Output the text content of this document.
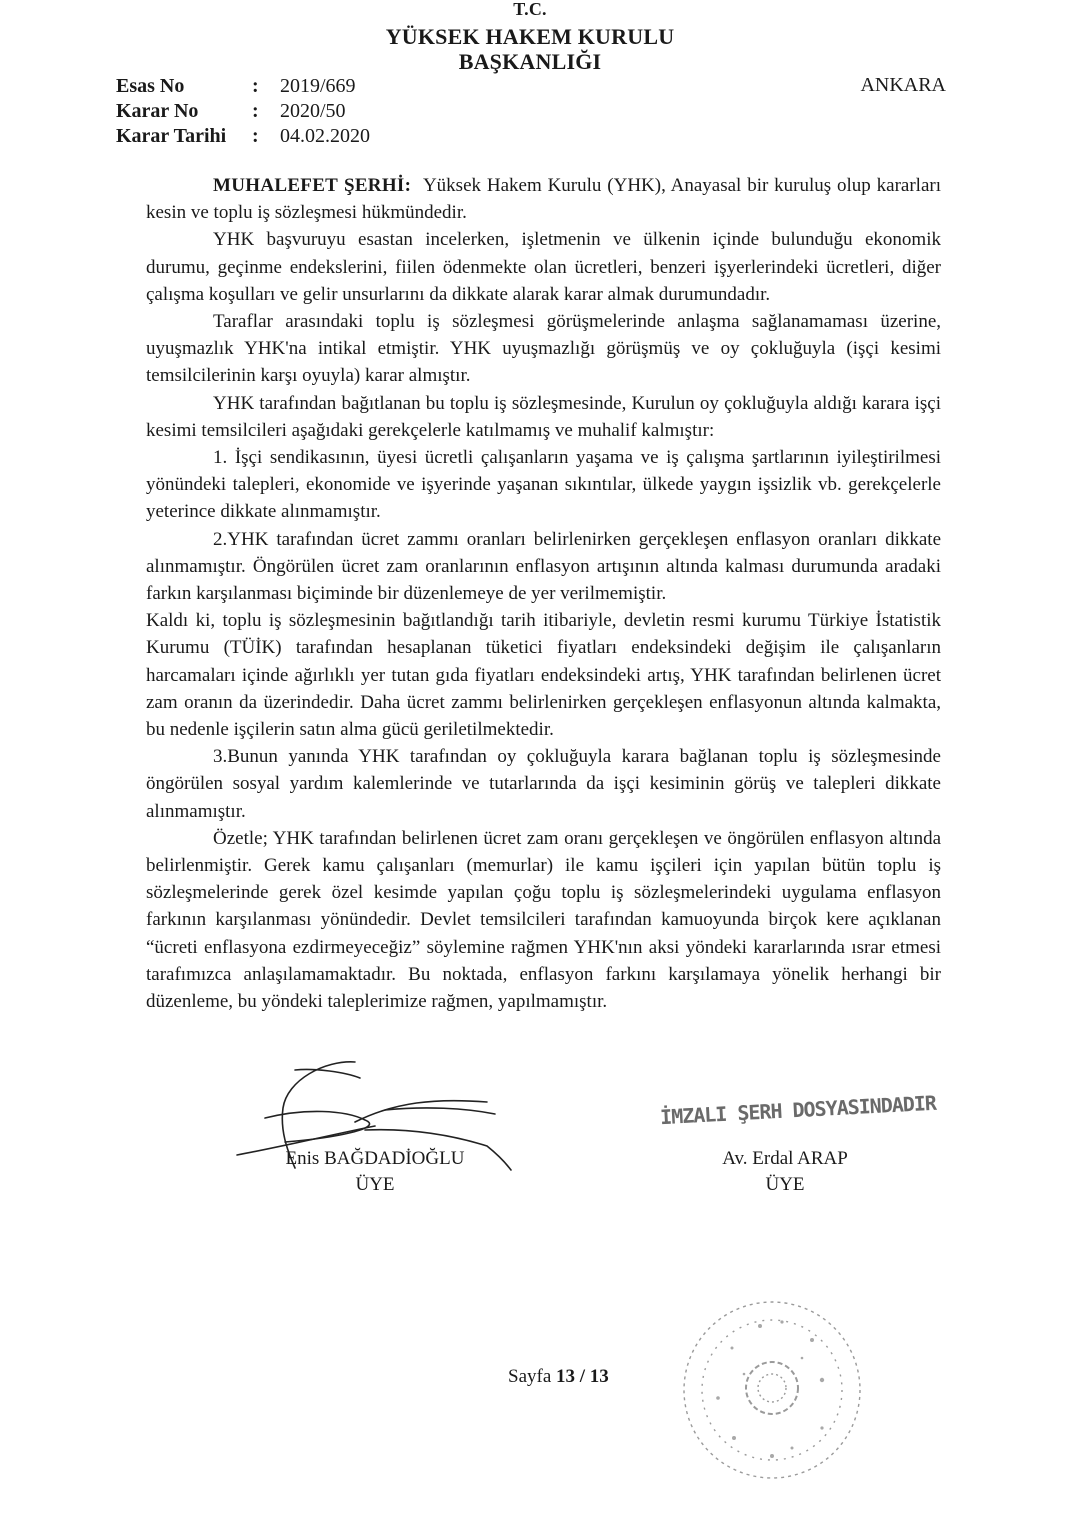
T.C.
YÜKSEK HAKEM KURULU
BAŞKANLIĞI
ANKARA
Esas No	:	2019/669
Karar No	:	2020/50
Karar Tarihi	:	04.02.2020

MUHALEFET ŞERHİ: Yüksek Hakem Kurulu (YHK), Anayasal bir kuruluş olup kararları kesin ve toplu iş sözleşmesi hükmündedir.

YHK başvuruyu esastan incelerken, işletmenin ve ülkenin içinde bulunduğu ekonomik durumu, geçinme endekslerini, fiilen ödenmekte olan ücretleri, benzeri işyerlerindeki ücretleri, diğer çalışma koşulları ve gelir unsurlarını da dikkate alarak karar almak durumundadır.

Taraflar arasındaki toplu iş sözleşmesi görüşmelerinde anlaşma sağlanamaması üzerine, uyuşmazlık YHK'na intikal etmiştir. YHK uyuşmazlığı görüşmüş ve oy çokluğuyla (işçi kesimi temsilcilerinin karşı oyuyla) karar almıştır.

YHK tarafından bağıtlanan bu toplu iş sözleşmesinde, Kurulun oy çokluğuyla aldığı karara işçi kesimi temsilcileri aşağıdaki gerekçelerle katılmamış ve muhalif kalmıştır:

1. İşçi sendikasının, üyesi ücretli çalışanların yaşama ve iş çalışma şartlarının iyileştirilmesi yönündeki talepleri, ekonomide ve işyerinde yaşanan sıkıntılar, ülkede yaygın işsizlik vb. gerekçelerle yeterince dikkate alınmamıştır.

2.YHK tarafından ücret zammı oranları belirlenirken gerçekleşen enflasyon oranları dikkate alınmamıştır. Öngörülen ücret zam oranlarının enflasyon artışının altında kalması durumunda aradaki farkın karşılanması biçiminde bir düzenlemeye de yer verilmemiştir.

Kaldı ki, toplu iş sözleşmesinin bağıtlandığı tarih itibariyle, devletin resmi kurumu Türkiye İstatistik Kurumu (TÜİK) tarafından hesaplanan tüketici fiyatları endeksindeki değişim ile çalışanların harcamaları içinde ağırlıklı yer tutan gıda fiyatları endeksindeki artış, YHK tarafından belirlenen ücret zam oranın da üzerindedir. Daha ücret zammı belirlenirken gerçekleşen enflasyonun altında kalmakta, bu nedenle işçilerin satın alma gücü geriletilmektedir.

3.Bunun yanında YHK tarafından oy çokluğuyla karara bağlanan toplu iş sözleşmesinde öngörülen sosyal yardım kalemlerinde ve tutarlarında da işçi kesiminin görüş ve talepleri dikkate alınmamıştır.

Özetle; YHK tarafından belirlenen ücret zam oranı gerçekleşen ve öngörülen enflasyon altında belirlenmiştir. Gerek kamu çalışanları (memurlar) ile kamu işçileri için yapılan bütün toplu iş sözleşmelerinde gerek özel kesimde yapılan çoğu toplu iş sözleşmelerindeki uygulama enflasyon farkının karşılanması yönündedir. Devlet temsilcileri tarafından kamuoyunda birçok kere açıklanan “ücreti enflasyona ezdirmeyeceğiz” söylemine rağmen YHK'nın aksi yöndeki kararlarında ısrar etmesi tarafımızca anlaşılamamaktadır. Bu noktada, enflasyon farkını karşılamaya yönelik herhangi bir düzenleme, bu yöndeki taleplerimize rağmen, yapılmamıştır.

Enis BAĞDADİOĞLU
ÜYE
İMZALI ŞERH DOSYASINDADIR
Av. Erdal ARAP
ÜYE
Sayfa 13 / 13
